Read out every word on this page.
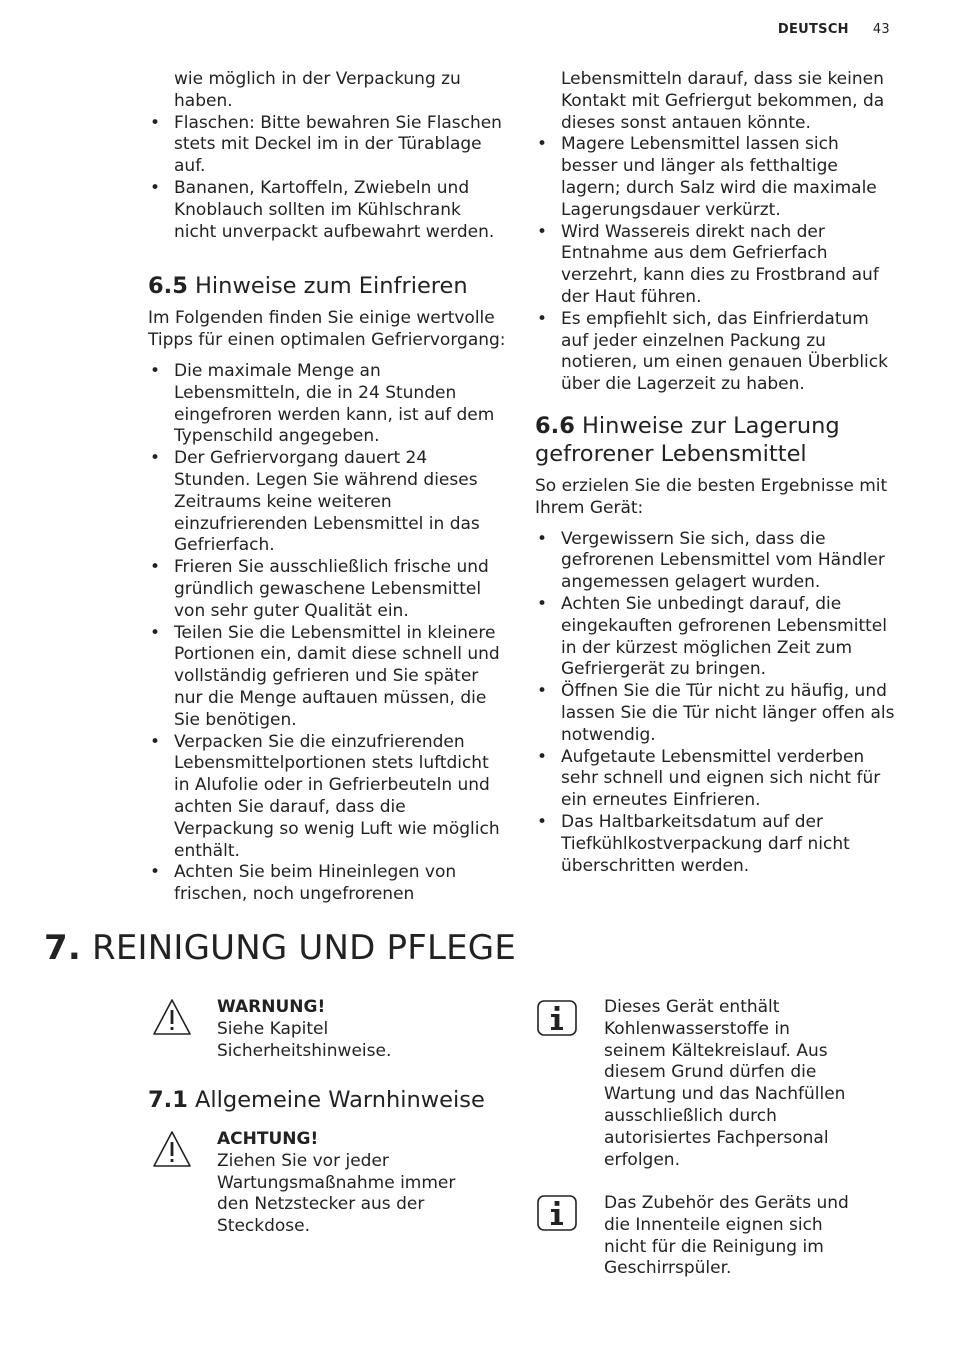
DEUTSCH 43

wie möglich in der Verpackung zu

haben.

• Flaschen: Bitte bewahren Sie Flaschen stets mit Deckel im in der Türablage auf.
• Bananen, Kartoffeln, Zwiebeln und Knoblauch sollten im Kühlschrank nicht unverpackt aufbewahrt werden.
6.5 Hinweise zum Einfrieren

Im Folgenden finden Sie einige wertvolle Tipps für einen optimalen Gefriervorgang:

• Die maximale Menge an Lebensmitteln, die in 24 Stunden eingefroren werden kann, ist auf dem Typenschild angegeben.
• Der Gefriervorgang dauert 24 Stunden. Legen Sie während dieses Zeitraums keine weiteren einzufrierenden Lebensmittel in das Gefrierfach.
• Frieren Sie ausschließlich frische und gründlich gewaschene Lebensmittel von sehr guter Qualität ein.
• Teilen Sie die Lebensmittel in kleinere Portionen ein, damit diese schnell und vollständig gefrieren und Sie später nur die Menge auftauen müssen, die Sie benötigen.
• Verpacken Sie die einzufrierenden Lebensmittelportionen stets luftdicht in Alufolie oder in Gefrierbeuteln und achten Sie darauf, dass die Verpackung so wenig Luft wie möglich enthält.
• Achten Sie beim Hineinlegen von frischen, noch ungefrorenen

Lebensmitteln darauf, dass sie keinen Kontakt mit Gefriergut bekommen, da dieses sonst antauen könnte.

• Magere Lebensmittel lassen sich besser und länger als fetthaltige lagern; durch Salz wird die maximale Lagerungsdauer verkürzt.
• Wird Wassereis direkt nach der Entnahme aus dem Gefrierfach verzehrt, kann dies zu Frostbrand auf der Haut führen.
• Es empfiehlt sich, das Einfrierdatum auf jeder einzelnen Packung zu notieren, um einen genauen Überblick über die Lagerzeit zu haben.
6.6 Hinweise zur Lagerung
gefrorener Lebensmittel

So erzielen Sie die besten Ergebnisse mit Ihrem Gerät:

• Vergewissern Sie sich, dass die gefrorenen Lebensmittel vom Händler angemessen gelagert wurden.
• Achten Sie unbedingt darauf, die eingekauften gefrorenen Lebensmittel in der kürzest möglichen Zeit zum Gefriergerät zu bringen.
• Öffnen Sie die Tür nicht zu häufig, und lassen Sie die Tür nicht länger offen als notwendig.
• Aufgetaute Lebensmittel verderben sehr schnell und eignen sich nicht für ein erneutes Einfrieren.
• Das Haltbarkeitsdatum auf der Tiefkühlkostverpackung darf nicht überschritten werden.
7. REINIGUNG UND PFLEGE

WARNUNG!

Siehe Kapitel

Sicherheitshinweise.

7.1 Allgemeine Warnhinweise

ACHTUNG!

Ziehen Sie vor jeder

Wartungsmaßnahme immer

den Netzstecker aus der

Steckdose.

Dieses Gerät enthält

Kohlenwasserstoffe in

seinem Kältekreislauf. Aus

diesem Grund dürfen die

Wartung und das Nachfüllen

ausschließlich durch

autorisiertes Fachpersonal

erfolgen.

Das Zubehör des Geräts und

die Innenteile eignen sich

nicht für die Reinigung im

Geschirrspüler.
